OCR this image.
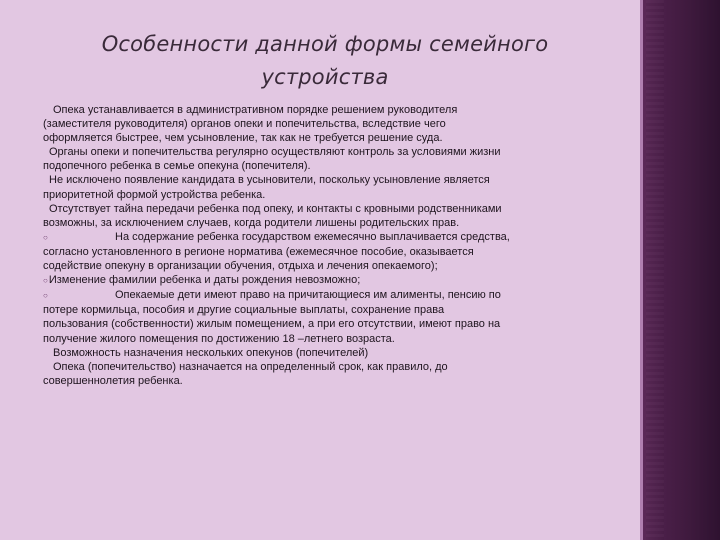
Особенности данной формы семейного
устройства
Опека устанавливается в административном порядке решением руководителя
(заместителя руководителя) органов опеки и попечительства, вследствие чего
оформляется быстрее, чем усыновление, так как не требуется решение суда.
Органы опеки и попечительства регулярно осуществляют контроль за условиями жизни
подопечного ребенка в семье опекуна (попечителя).
Не исключено появление кандидата в усыновители, поскольку усыновление является
приоритетной формой устройства ребенка.
Отсутствует тайна передачи ребенка под опеку, и контакты с кровными родственниками
возможны, за исключением случаев, когда родители лишены родительских прав.
○	На содержание ребенка государством ежемесячно выплачивается средства,
согласно установленного в регионе норматива (ежемесячное пособие, оказывается
содействие опекуну в организации обучения, отдыха и лечения опекаемого);
○Изменение фамилии ребенка и даты рождения невозможно;
○	Опекаемые дети имеют право на причитающиеся им алименты, пенсию по
потере кормильца, пособия и другие социальные выплаты, сохранение права
пользования (собственности) жилым помещением, а при его отсутствии, имеют право на
получение жилого помещения по достижению 18 –летнего возраста.
Возможность назначения нескольких опекунов (попечителей)
Опека (попечительство) назначается на определенный срок, как правило, до
совершеннолетия ребенка.
